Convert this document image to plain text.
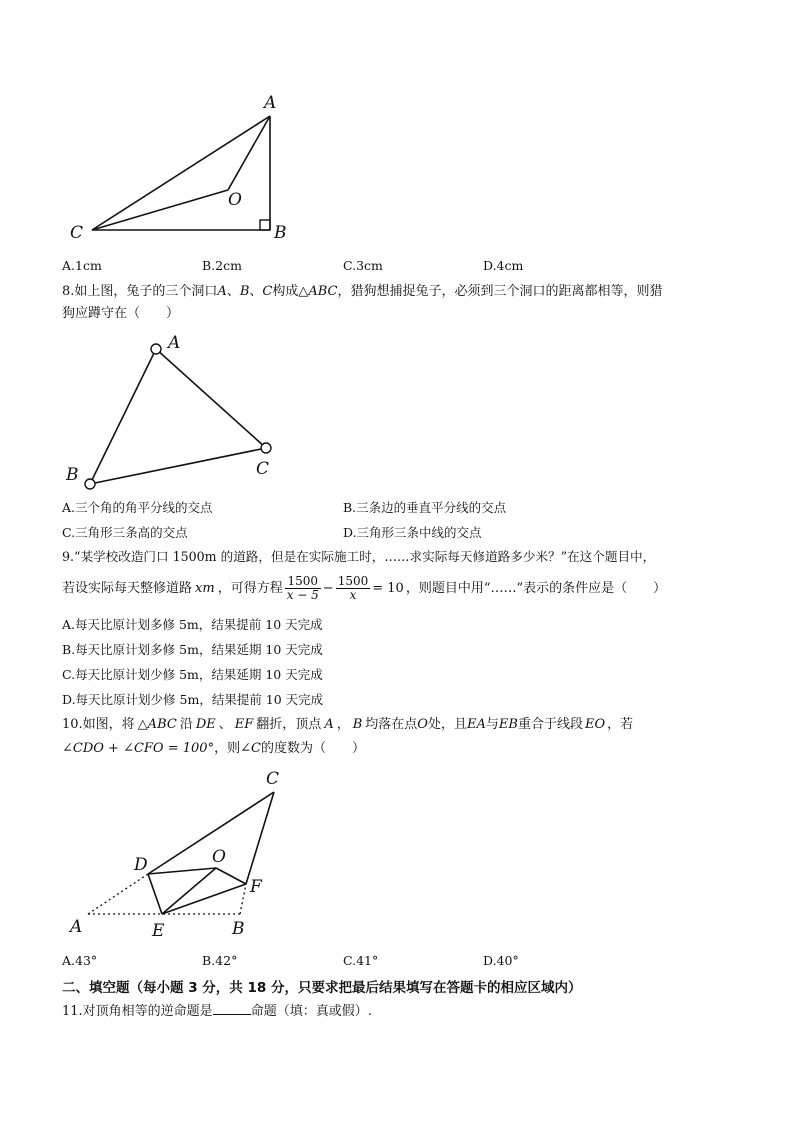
A
B
C
O
A.1cm	B.2cm	C.3cm	D.4cm
8.如上图，兔子的三个洞口A、B、C构成△ABC，猎狗想捕捉兔子，必须到三个洞口的距离都相等，则猎
狗应蹲守在（　　）
A
B	C
A.三个角的角平分线的交点	B.三条边的垂直平分线的交点
C.三角形三条高的交点	D.三角形三条中线的交点
9.“某学校改造门口 1500m 的道路，但是在实际施工时，……求实际每天修道路多少米？”在这个题目中，
若设实际每天整修道路 xm ，可得方程 $\frac{1500}{x - 5} - \frac{1500}{x} = 10$ ，则题目中用“……”表示的条件应是（　　）
A.每天比原计划多修 5m，结果提前 10 天完成
B.每天比原计划多修 5m，结果延期 10 天完成
C.每天比原计划少修 5m，结果延期 10 天完成
D.每天比原计划少修 5m，结果提前 10 天完成
10.如图，将 △ABC 沿 DE 、 EF 翻折，顶点 A ， B 均落在点O处，且EA与EB重合于线段 EO ，若
∠CDO + ∠CFO = 100°，则∠C的度数为（　　）
A	B
C
D
E
F
O
A.43°	B.42°	C.41°	D.40°
二、填空题（每小题 3 分，共 18 分，只要求把最后结果填写在答题卡的相应区域内）
11.对顶角相等的逆命题是	命题（填：真或假）.
